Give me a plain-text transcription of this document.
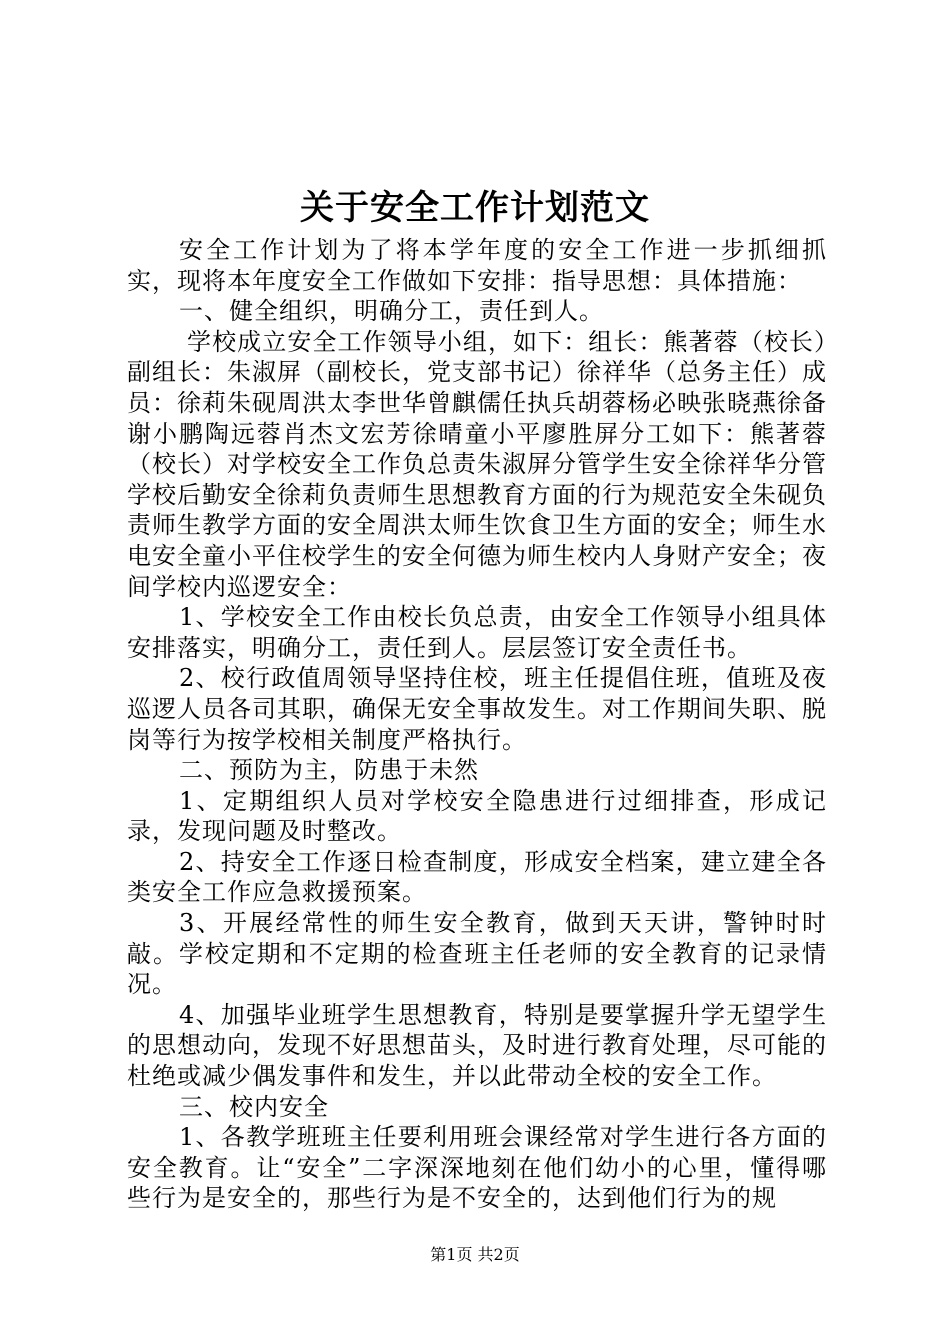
关于安全工作计划范文

安全工作计划为了将本学年度的安全工作进一步抓细抓实，现将本年度安全工作做如下安排：指导思想：具体措施：

一、健全组织，明确分工，责任到人。

学校成立安全工作领导小组，如下：组长：熊著蓉（校长）副组长：朱淑屏（副校长，党支部书记）徐祥华（总务主任）成员：徐莉朱砚周洪太李世华曾麒儒任执兵胡蓉杨必映张晓燕徐备谢小鹏陶远蓉肖杰文宏芳徐晴童小平廖胜屏分工如下：熊著蓉（校长）对学校安全工作负总责朱淑屏分管学生安全徐祥华分管学校后勤安全徐莉负责师生思想教育方面的行为规范安全朱砚负责师生教学方面的安全周洪太师生饮食卫生方面的安全；师生水电安全童小平住校学生的安全何德为师生校内人身财产安全；夜间学校内巡逻安全：

1、学校安全工作由校长负总责，由安全工作领导小组具体安排落实，明确分工，责任到人。层层签订安全责任书。

2、校行政值周领导坚持住校，班主任提倡住班，值班及夜巡逻人员各司其职，确保无安全事故发生。对工作期间失职、脱岗等行为按学校相关制度严格执行。

二、预防为主，防患于未然

1、定期组织人员对学校安全隐患进行过细排查，形成记录，发现问题及时整改。

2、持安全工作逐日检查制度，形成安全档案，建立建全各类安全工作应急救援预案。

3、开展经常性的师生安全教育，做到天天讲，警钟时时敲。学校定期和不定期的检查班主任老师的安全教育的记录情况。

4、加强毕业班学生思想教育，特别是要掌握升学无望学生的思想动向，发现不好思想苗头，及时进行教育处理，尽可能的杜绝或减少偶发事件和发生，并以此带动全校的安全工作。

三、校内安全

1、各教学班班主任要利用班会课经常对学生进行各方面的安全教育。让“安全”二字深深地刻在他们幼小的心里，懂得哪些行为是安全的，那些行为是不安全的，达到他们行为的规

第1页 共2页
